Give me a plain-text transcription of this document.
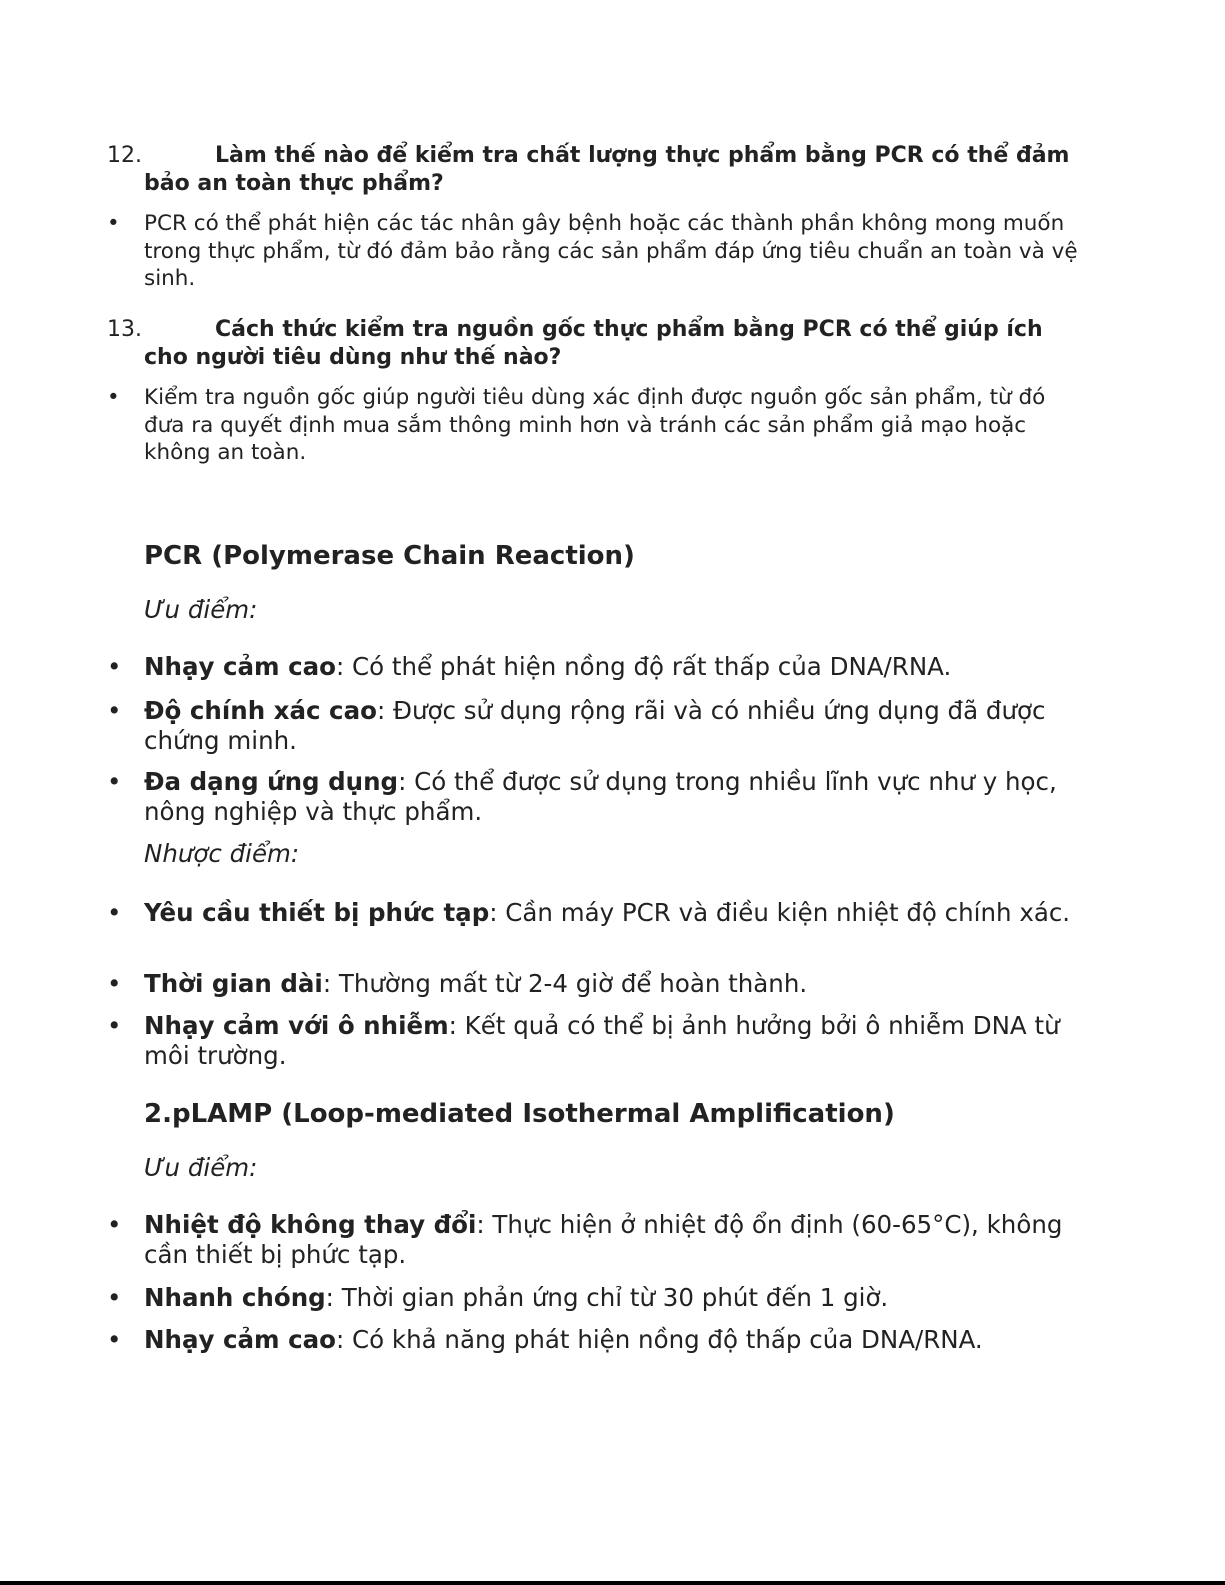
12.	Làm thế nào để kiểm tra chất lượng thực phẩm bằng PCR có thể đảm bảo an toàn thực phẩm?
•	PCR có thể phát hiện các tác nhân gây bệnh hoặc các thành phần không mong muốn trong thực phẩm, từ đó đảm bảo rằng các sản phẩm đáp ứng tiêu chuẩn an toàn và vệ sinh.
13.	Cách thức kiểm tra nguồn gốc thực phẩm bằng PCR có thể giúp ích cho người tiêu dùng như thế nào?
•	Kiểm tra nguồn gốc giúp người tiêu dùng xác định được nguồn gốc sản phẩm, từ đó đưa ra quyết định mua sắm thông minh hơn và tránh các sản phẩm giả mạo hoặc không an toàn.
PCR (Polymerase Chain Reaction)
Ưu điểm:
• Nhạy cảm cao: Có thể phát hiện nồng độ rất thấp của DNA/RNA.
• Độ chính xác cao: Được sử dụng rộng rãi và có nhiều ứng dụng đã được chứng minh.
• Đa dạng ứng dụng: Có thể được sử dụng trong nhiều lĩnh vực như y học, nông nghiệp và thực phẩm.
Nhược điểm:
• Yêu cầu thiết bị phức tạp: Cần máy PCR và điều kiện nhiệt độ chính xác.
• Thời gian dài: Thường mất từ 2-4 giờ để hoàn thành.
• Nhạy cảm với ô nhiễm: Kết quả có thể bị ảnh hưởng bởi ô nhiễm DNA từ môi trường.
2.pLAMP (Loop-mediated Isothermal Amplification)
Ưu điểm:
• Nhiệt độ không thay đổi: Thực hiện ở nhiệt độ ổn định (60-65°C), không cần thiết bị phức tạp.
• Nhanh chóng: Thời gian phản ứng chỉ từ 30 phút đến 1 giờ.
• Nhạy cảm cao: Có khả năng phát hiện nồng độ thấp của DNA/RNA.
